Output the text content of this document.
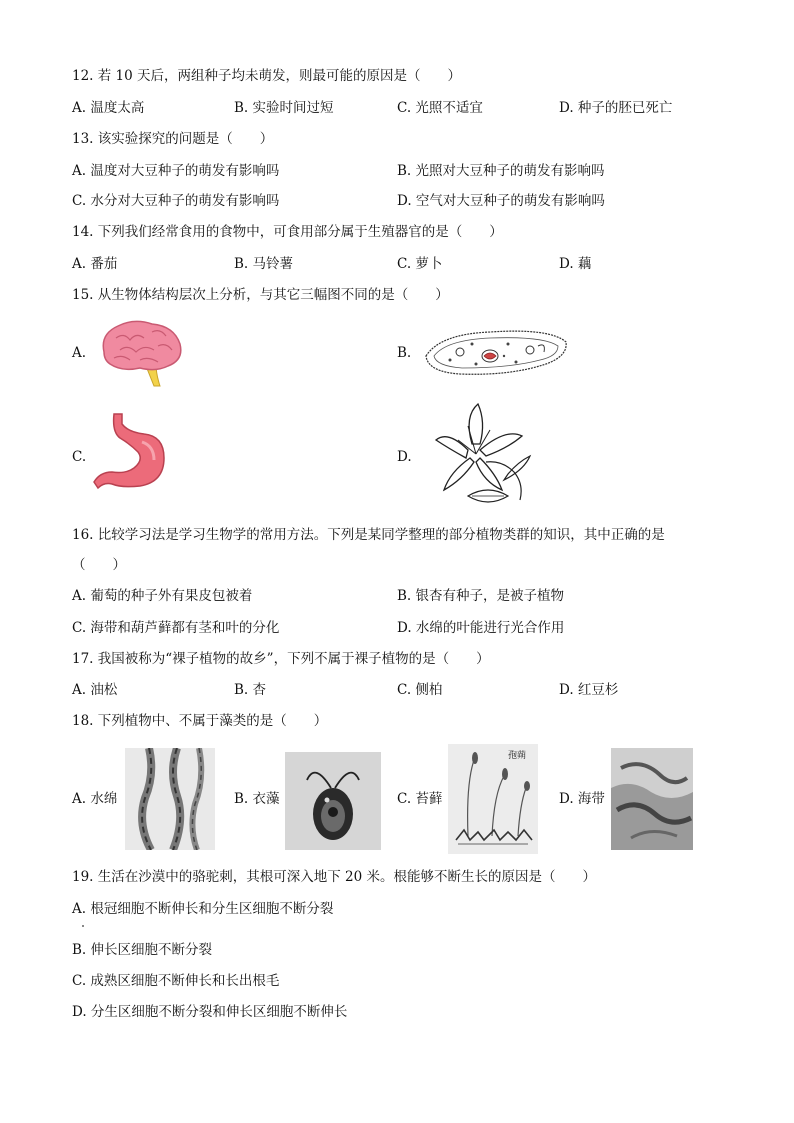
12. 若 10 天后，两组种子均未萌发，则最可能的原因是（　　）
A. 温度太高	B. 实验时间过短	C. 光照不适宜	D. 种子的胚已死亡
13. 该实验探究的问题是（　　）
A. 温度对大豆种子的萌发有影响吗	B. 光照对大豆种子的萌发有影响吗
C. 水分对大豆种子的萌发有影响吗	D. 空气对大豆种子的萌发有影响吗
14. 下列我们经常食用的食物中，可食用部分属于生殖器官的是（　　）
A. 番茄	B. 马铃薯	C. 萝卜	D. 藕
15. 从生物体结构层次上分析，与其它三幅图不同的是（　　）
A.	B.
C.	D.
16. 比较学习法是学习生物学的常用方法。下列是某同学整理的部分植物类群的知识，其中正确的是
（　　）
A. 葡萄的种子外有果皮包被着	B. 银杏有种子，是被子植物
C. 海带和葫芦藓都有茎和叶的分化	D. 水绵的叶能进行光合作用
17. 我国被称为“裸子植物的故乡”，下列不属于裸子植物的是（　　）
A. 油松	B. 杏	C. 侧柏	D. 红豆杉
18. 下列植物中、不属于藻类的是（　　）
A. 水绵	B. 衣藻	C. 苔藓
孢蒴
D. 海带
19. 生活在沙漠中的骆驼刺，其根可深入地下 20 米。根能够不断生长的原因是（　　）
A. 根冠细胞不断伸长和分生区细胞不断分裂
B. 伸长区细胞不断分裂
C. 成熟区细胞不断伸长和长出根毛
D. 分生区细胞不断分裂和伸长区细胞不断伸长
